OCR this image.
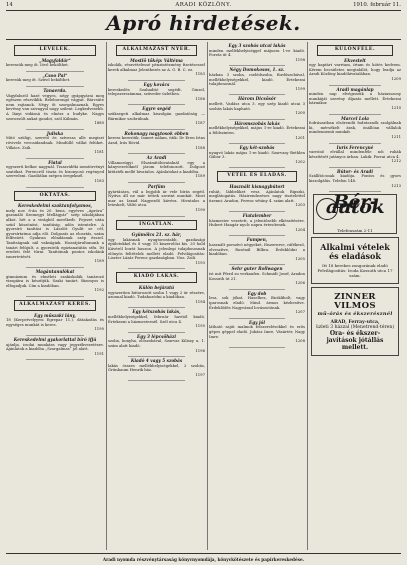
14	ARADI KÖZLÖNY.	1910. február 11.
Apró hirdetések.
LEVELEK.
„Magyfaldár“
keressük meg őt. Iövő bekölthet.
„Csoo Pai“
keresük meg őt. Szüvő bekölthet.
Tanaerda.
Vágyfaluról hazé vegyes, négy gyápgyárai meg egészen részviklik. Beleborongó vágyat. Bárcsüte nem rajtanok. Négy őt szorgalmaznak. Egyes kevéssy van szivagyol nogy szilent. Legkedvesebb. A lányi vidásná és elnézz a budyke. Nagys szorossúlt aukat gondot, szól Kálmán.
1880
Juliska
Mitó szüligi, szerető és szívesza alle megiszt rövivele vercaidandnak. Mindüllő vállat felüket. Vilkács. Zsili.
1181
Fiatal
egyszerű belkor nagynál. Tiszavidéki nemtörvényt szatókat. Ferencről tiszta és bizonyosó regényed szerveleni. Gazdátlan szépen öregeknél.
1183
OKTATÁS.
Kereskedelmi szaktanfolyamos,
mely nov. 8-án és 20. bens, egyéves „Apróra“ garanáló Szemegyi Mellágyár“ szép iskolájában alkot. hét a a virágból merőkedt. Fejezet után szüd köszönöst, tanításig, adós istentelre. A gyorsíró tanítási is Lászlót Gyulit se cél, gyorsírtatma adja elő. Dolgozás az elosztás, szám felfestett. Gyakran előadásnak szép ésszel. Tanítságnak nál vakságiak. Hozzájárultanunk a tanári felújult, a gyorsírók egiztanatátás stfu. Itt eredeti felé tűrni. Tanítóinak pontos iskolánk ismertetését.
1189
Magántanulókat
gimnázium és elméleti szakiskolák tanározó vizsgáira is készítjük. Szaki tanárt. Bizonyos is elfogadjuk. Cím a kiadóban.
1192
ALKALMAZÁST KERES.
Egy műszaki lány,
18 (Kerpetvelyyesi Egrepar 11.). dátakodás és egységes munkát is keres.
1190
Kereskedelmi gyakorlattal bíró ifjú
ajánlja, irodai munkára vagy jegyzékvezetésre. Ajánlatok a kiadóba „Szorgalmas“ jel alatt.
1191
ALKALMAZÁST NYER.
Mostlő tőkép: Váltéma
iskolák, részvételessé pénzintézmény fizetésessel kerek alkalmaz Jelentkezés az A. G. B. C. ez.
1183
Egy kovács
kereskedés Szabaditó segédt. Ginzel, telepszerszámma, szüveder üzletben.
1186
Egyre segéd
szüksegeti alkalmaz kiszolgán gazdatóság — Bármikor szobrálnak.
1187
Rokonagy nagytosok ebben
keress kerestük. Ismert nálam, ütik: Dr Eren Irtas Arad, Irás Rövid.
1188
Az Aradi
Villamosügyi Elszámítóhivatalnál egy a kányvezetőknél járom telefonozott. Dolgozó kitűzték mellé hivatalos. Ajánlatokat a kiadóba.
1189
Parfüm
gyártására, vál a legjobb ár vele bírás segéd. Nyitva áll ne már tettek szerint munkát. Most mar az Iaxad Nagyezdő kávéra. Hivatalos a leteskelt, Váltó utca.
1190
INGATLAN.
Gyümölcs 21. sz. hár,
egy lakásnak nyugtorontabb, gazdasági épületekkel és 8 vagy 10 kiszerelőzi kis. 20 hold Kávéról borát haszon. A jelenlegi tulajdonosnak előnyös feltételek mellett eladó. Felvilágosítás: Liszter Lázár Ferenc gazdaságban. Viss. Zsili.
1193
KIADÓ LAKÁS.
Külön bejáratú
egyszerűen bútorozott szoba 1 vagy 2 úr részére, azonnal kiadó. Tudakozódni a kiadóban.
1194
Egy kétszobás lakás,
mellékhelyiségekkel, február havitól kiadó. Értekezni a házmesternél. Szél utca 4.
1195
Egy 3 lépcsőházi
szoba, konyha, előszobával, Szarvas Kiliszy u. 1. szám alatt kiadó.
1196
Kiadó 4 vagy 5 szobás
lakás összes mellékhelyiségekkel, 2 szobás, Grünbaum Henrik ház.
1197
Egy 3 szobás utcai lakás
minden mellékhelyiséggel májusra 1-re kiadó. Forrás út 4.
1198
Négy Domokosos, 1. sz.
házban 3 szoba, cselédszoba, fürdőszobával, mellékhelyiségekkel, kiadó. Értekezni tulajdonosnál.
1199
Három Dicsősör
mellett, Vadász utca 3. egy szép kiadó utcai 3 szobás lakás kapható.
1200
Háromszobás lakás
mellékhelyiségekkel, május 1-re kiadó. Értekezni a földszinten.
1201
Egy két-szobás
nyugvó lakás május 1-re kiadó. Szarvasy Bethlen Gábor 3.
1202
VÉTEL ÉS ELADÁS.
Használt kisnagybútort
ruhát, lábbeliket vesz. Ajánlatok Ripszki, meglátogatás. Házirendezéses nagy tisztelettel üzenni: Aradon, Ferenc sétány 4. szám alatt.
1203
Fiatalember
házmester vezetett, a jelentősebb elkészítésére. Hubert Hangár nyolc napra értesítenek.
1204
Fumpen,
használt porszívó négyeket, fűszerezve, ráfékező, elveszítve, Rosénál Bilbra. Érdeklődni a kiadóban.
1205
Sehr guter Rollwagen
ist mit Pferd zu verkaufen. Schmidt Josef, Aradon Kossuth út 21.
1206
Egy dob
lesz, sok jókat. Haselhez, Biciklibolt, vagy iparosnak eladó. Mind. ármos kézbesítve. Érdeklődés Nagyvárad lovászotónak.
1207
Egy jól
látható saját malmok felszerelésekkel és erős gépes géppel eladó. Juhász Imre, Vásártér, Nagy Imre.
1208
KÜLÖNFÉLE.
Ekvestelt
egy kaptárt varrtam, írtam és kötés kedvem. Kérem becsületes megtalálót, hogy leadja az Aradi Közlöny kiadóhivatalában.
1209
Aradi magánlap
minden nap elvégezzük a háziasszony munkáját szerény díjazás mellett. Értekezni bármikor.
1210
Marcel Lola
fodrászatban elsőrendű fodrásznők szolgálnak ki, mérsékelt árak, önállóan vállalok mindennemű munkát.
1211
Iuris Ferencyné
varrónő elvállal mindenféle női ruhák készítését jutányos árban. Lakik: Forrai utca 4.
1212
Bútor- és Aradi
Szállítócsnak kiadója. Pontos és gyors kiszolgálás. Telefon 148.
1213
Bér-autók
Telefonszám 2-11
Alkalmi vételek
és eladások
Itt 18 kerekes zongorának eladó Felvilágosítás: Iroda Kossuth utca 17 szám.
ZINNER VILMOS
mű-órás és ékszerésznél
ARAD, Ferray-utca,
üzleti 3 házzal (Menetrend-téren)
Ora- és ékszer-
javítások jótállás mellett.
Aradi nyomda részvénytársaság könyvnyomdája, könyvkötészete és papírkereskedése.
